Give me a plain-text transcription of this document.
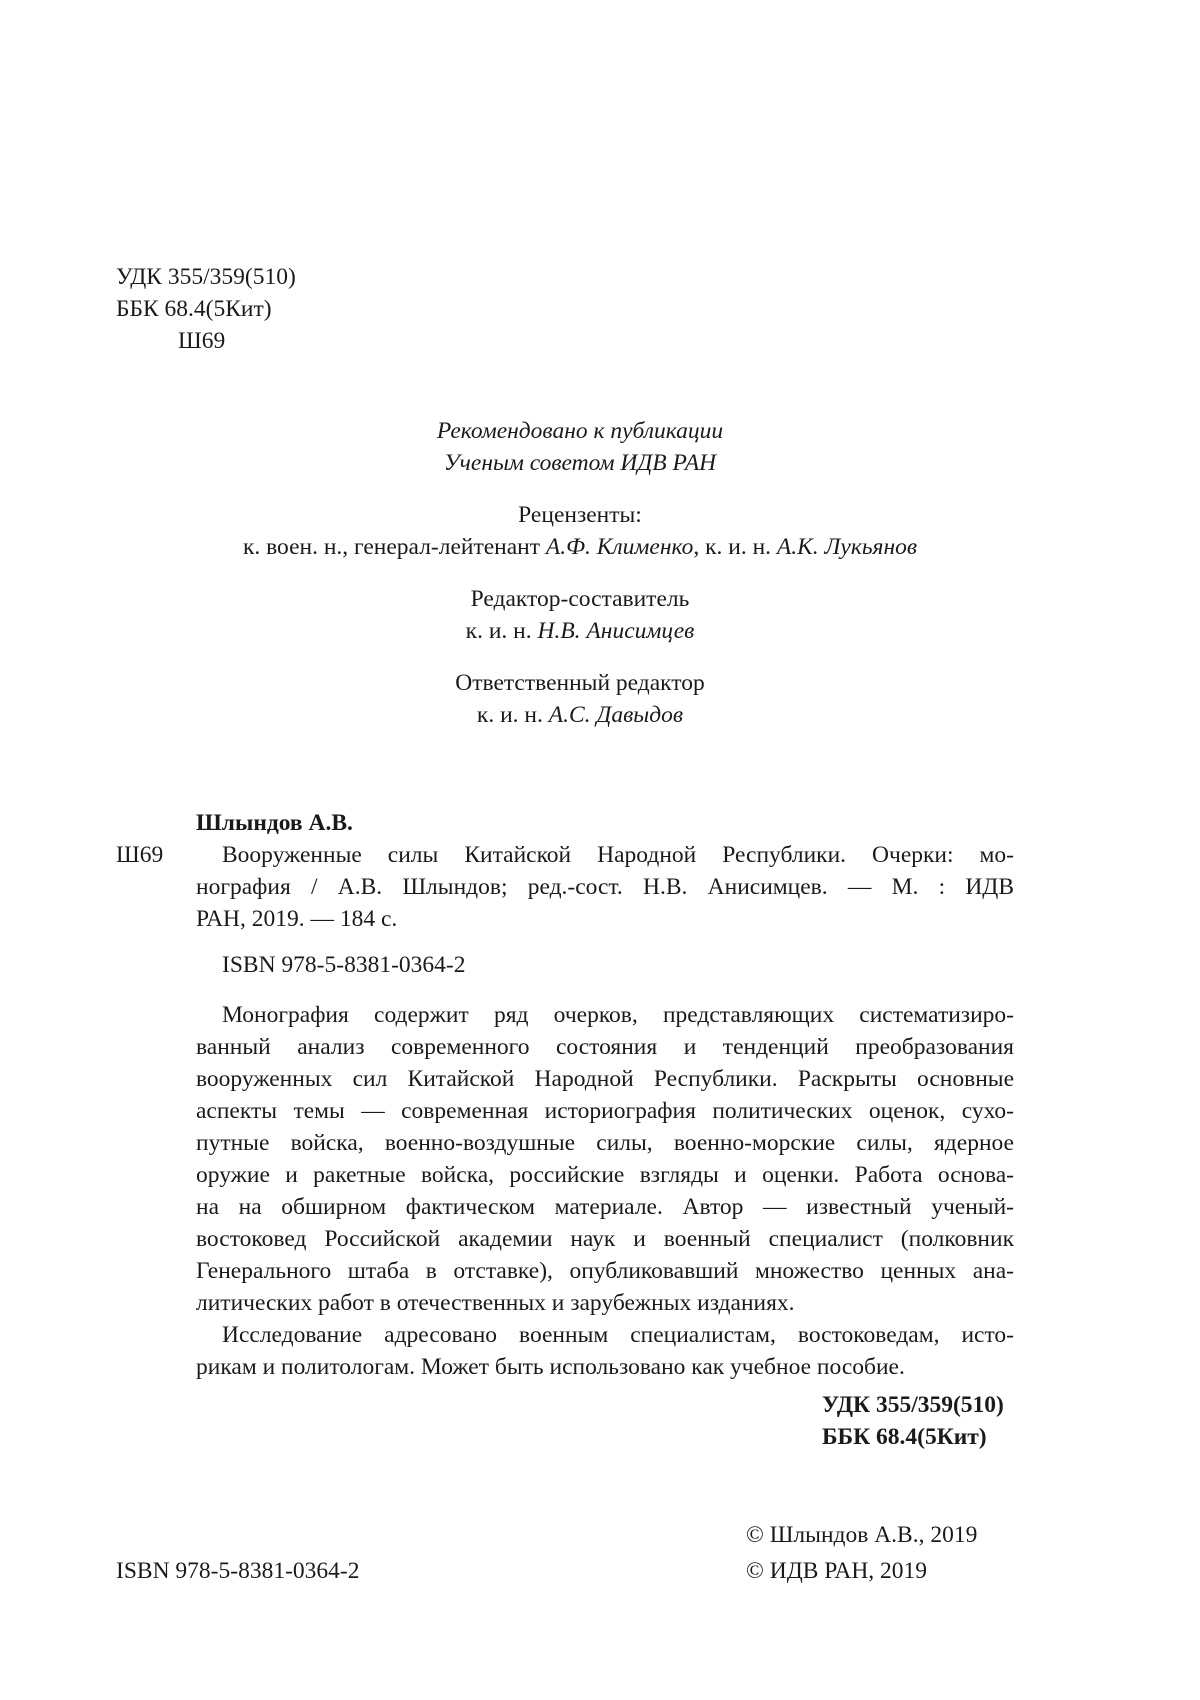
УДК 355/359(510)
ББК 68.4(5Кит)
Ш69
Рекомендовано к публикации
Ученым советом ИДВ РАН
Рецензенты:
к. воен. н., генерал-лейтенант А.Ф. Клименко, к. и. н. А.К. Лукьянов
Редактор-составитель
к. и. н. Н.В. Анисимцев
Ответственный редактор
к. и. н. А.С. Давыдов
Шлындов А.В.
Ш69	Вооруженные силы Китайской Народной Республики. Очерки: мо-
нография / А.В. Шлындов; ред.-сост. Н.В. Анисимцев. — М. : ИДВ
РАН, 2019. — 184 с.
ISBN 978-5-8381-0364-2
Монография содержит ряд очерков, представляющих систематизиро-
ванный анализ современного состояния и тенденций преобразования
вооруженных сил Китайской Народной Республики. Раскрыты основные
аспекты темы — современная историография политических оценок, сухо-
путные войска, военно-воздушные силы, военно-морские силы, ядерное
оружие и ракетные войска, российские взгляды и оценки. Работа основа-
на на обширном фактическом материале. Автор — известный ученый-
востоковед Российской академии наук и военный специалист (полковник
Генерального штаба в отставке), опубликовавший множество ценных ана-
литических работ в отечественных и зарубежных изданиях.
Исследование адресовано военным специалистам, востоковедам, исто-
рикам и политологам. Может быть использовано как учебное пособие.
УДК 355/359(510)
ББК 68.4(5Кит)
© Шлындов А.В., 2019
ISBN 978-5-8381-0364-2	© ИДВ РАН, 2019
